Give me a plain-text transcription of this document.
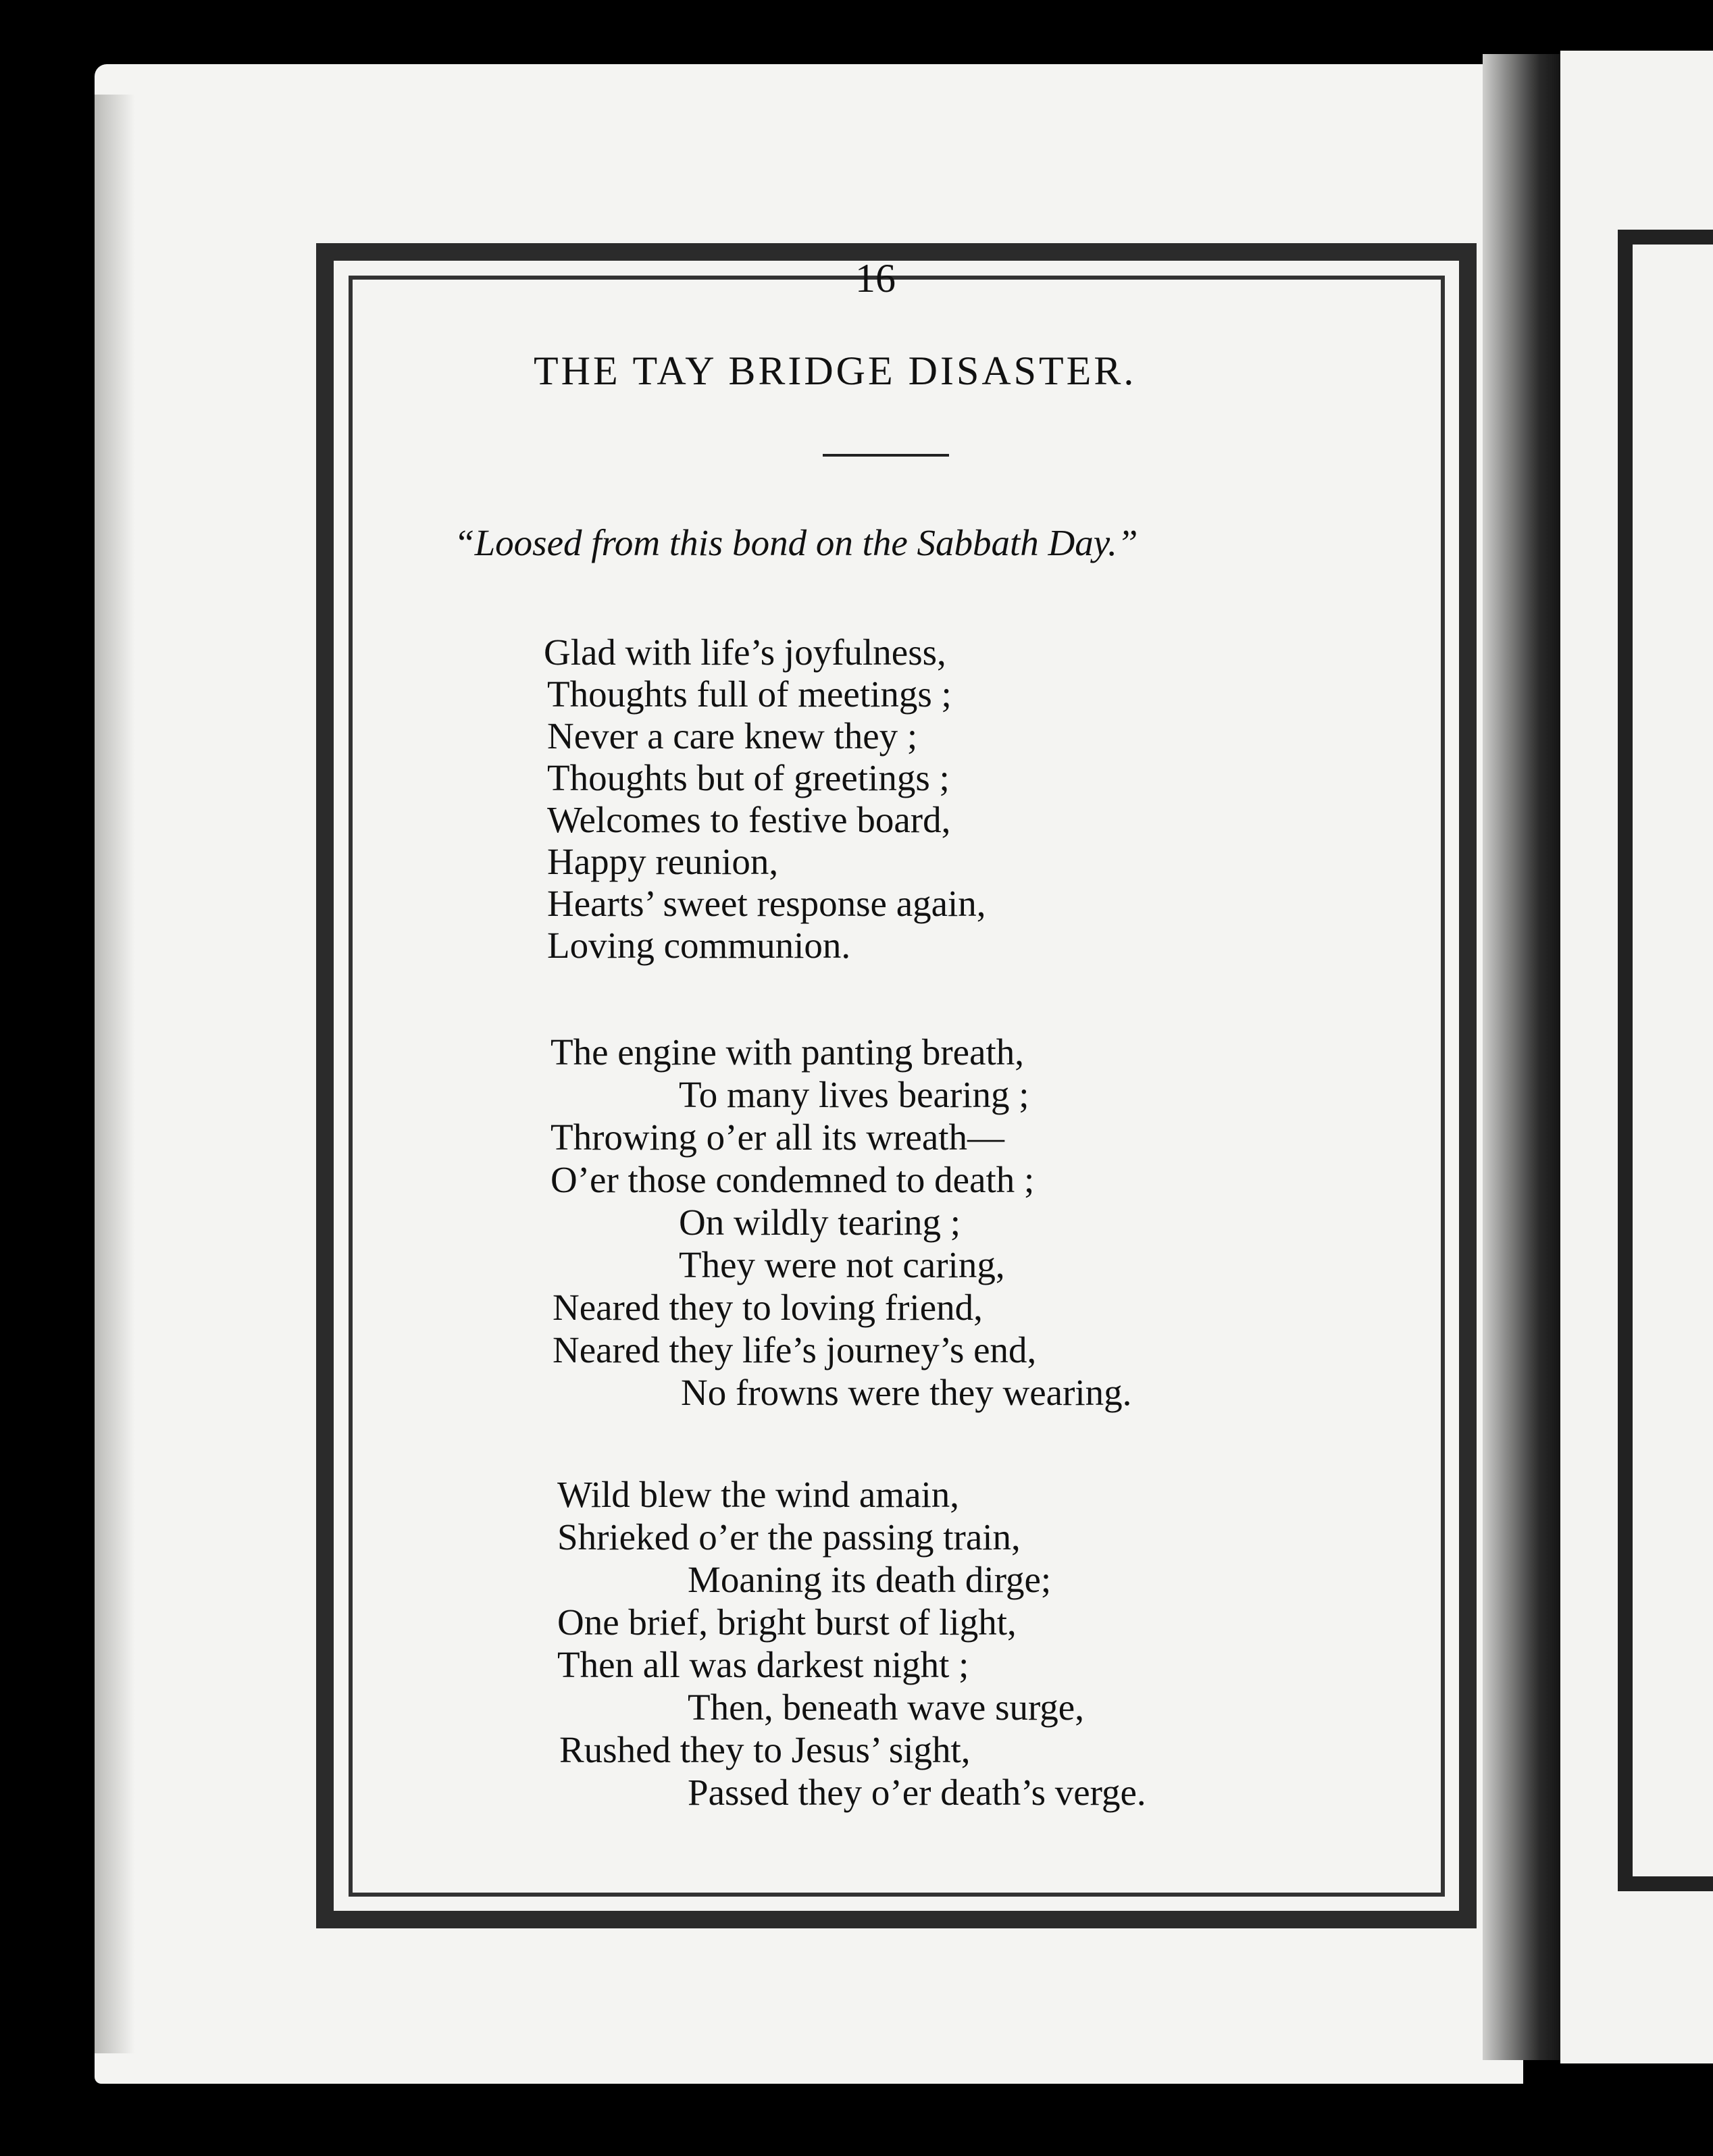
16
THE TAY BRIDGE DISASTER.
“Loosed from this bond on the Sabbath Day.”
Glad with life’s joyfulness,
Thoughts full of meetings ;
Never a care knew they ;
Thoughts but of greetings ;
Welcomes to festive board,
Happy reunion,
Hearts’ sweet response again,
Loving communion.
The engine with panting breath,
To many lives bearing ;
Throwing o’er all its wreath—
O’er those condemned to death ;
On wildly tearing ;
They were not caring,
Neared they to loving friend,
Neared they life’s journey’s end,
No frowns were they wearing.
Wild blew the wind amain,
Shrieked o’er the passing train,
Moaning its death dirge;
One brief, bright burst of light,
Then all was darkest night ;
Then, beneath wave surge,
Rushed they to Jesus’ sight,
Passed they o’er death’s verge.
